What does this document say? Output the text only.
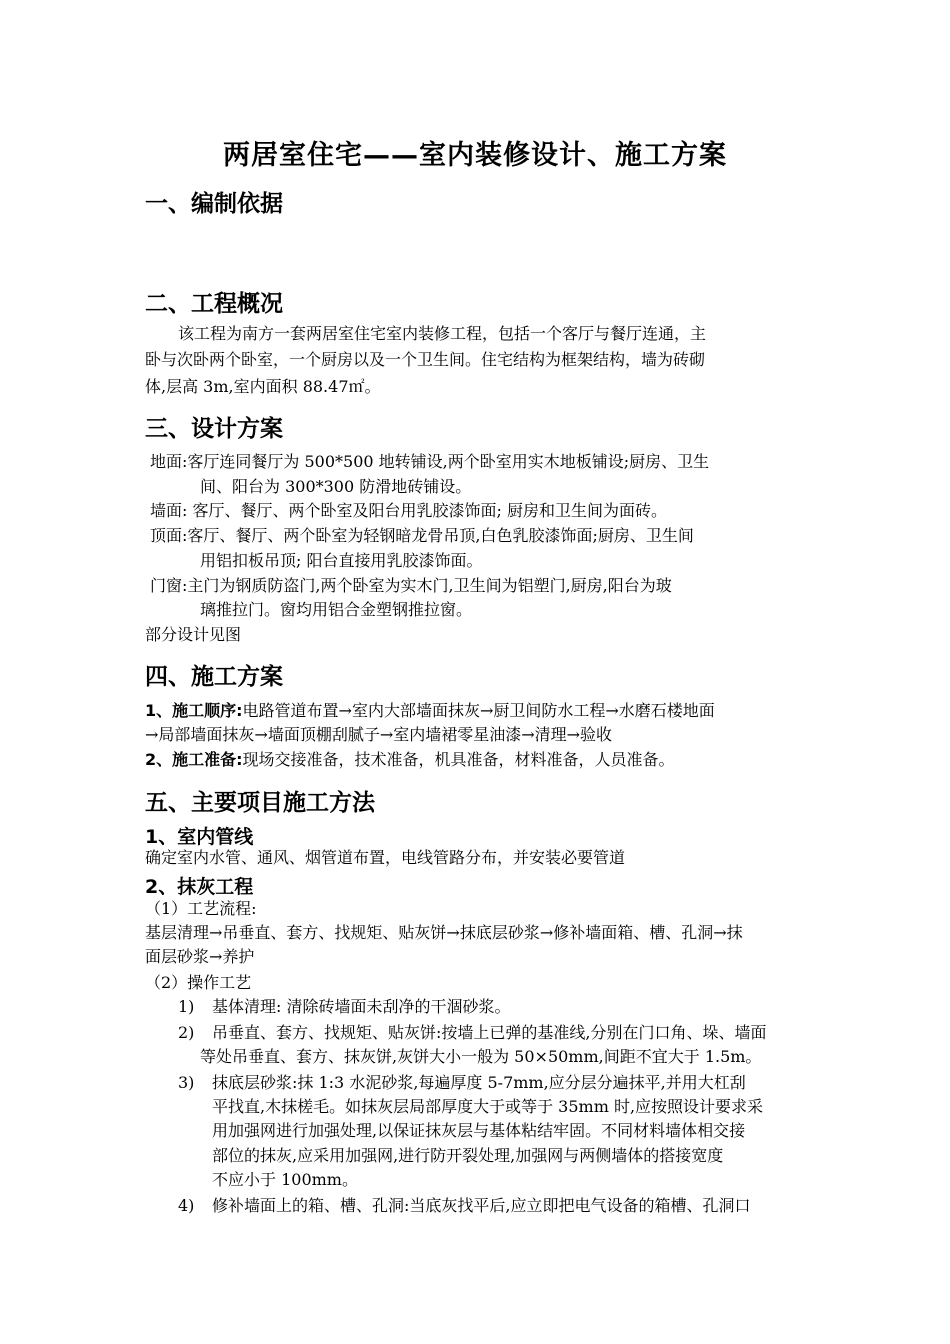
两居室住宅——室内装修设计、施工方案
一、编制依据
二、工程概况
该工程为南方一套两居室住宅室内装修工程，包括一个客厅与餐厅连通，主
卧与次卧两个卧室，一个厨房以及一个卫生间。住宅结构为框架结构，墙为砖砌
体,层高 3m,室内面积 88.47㎡。
三、设计方案
地面:客厅连同餐厅为 500*500 地转铺设,两个卧室用实木地板铺设;厨房、卫生
间、阳台为 300*300 防滑地砖铺设。
墙面: 客厅、餐厅、两个卧室及阳台用乳胶漆饰面; 厨房和卫生间为面砖。
顶面:客厅、餐厅、两个卧室为轻钢暗龙骨吊顶,白色乳胶漆饰面;厨房、卫生间
用铝扣板吊顶; 阳台直接用乳胶漆饰面。
门窗:主门为钢质防盗门,两个卧室为实木门,卫生间为铝塑门,厨房,阳台为玻
璃推拉门。窗均用铝合金塑钢推拉窗。
部分设计见图
四、施工方案
1、施工顺序:电路管道布置→室内大部墙面抹灰→厨卫间防水工程→水磨石楼地面
→局部墙面抹灰→墙面顶棚刮腻子→室内墙裙零星油漆→清理→验收
2、施工准备:现场交接准备，技术准备，机具准备，材料准备，人员准备。
五、主要项目施工方法
1、室内管线
确定室内水管、通风、烟管道布置，电线管路分布，并安装必要管道
2、抹灰工程
（1）工艺流程:
基层清理→吊垂直、套方、找规矩、贴灰饼→抹底层砂浆→修补墙面箱、槽、孔洞→抹
面层砂浆→养护
（2）操作工艺
1) 基体清理: 清除砖墙面未刮净的干涸砂浆。
2) 吊垂直、套方、找规矩、贴灰饼:按墙上已弹的基准线,分别在门口角、垛、墙面
等处吊垂直、套方、抹灰饼,灰饼大小一般为 50×50mm,间距不宜大于 1.5m。
3) 抹底层砂浆:抹 1:3 水泥砂浆,每遍厚度 5-7mm,应分层分遍抹平,并用大杠刮
平找直,木抹槎毛。如抹灰层局部厚度大于或等于 35mm 时,应按照设计要求采
用加强网进行加强处理,以保证抹灰层与基体粘结牢固。不同材料墙体相交接
部位的抹灰,应采用加强网,进行防开裂处理,加强网与两侧墙体的搭接宽度
不应小于 100mm。
4) 修补墙面上的箱、槽、孔洞:当底灰找平后,应立即把电气设备的箱槽、孔洞口
